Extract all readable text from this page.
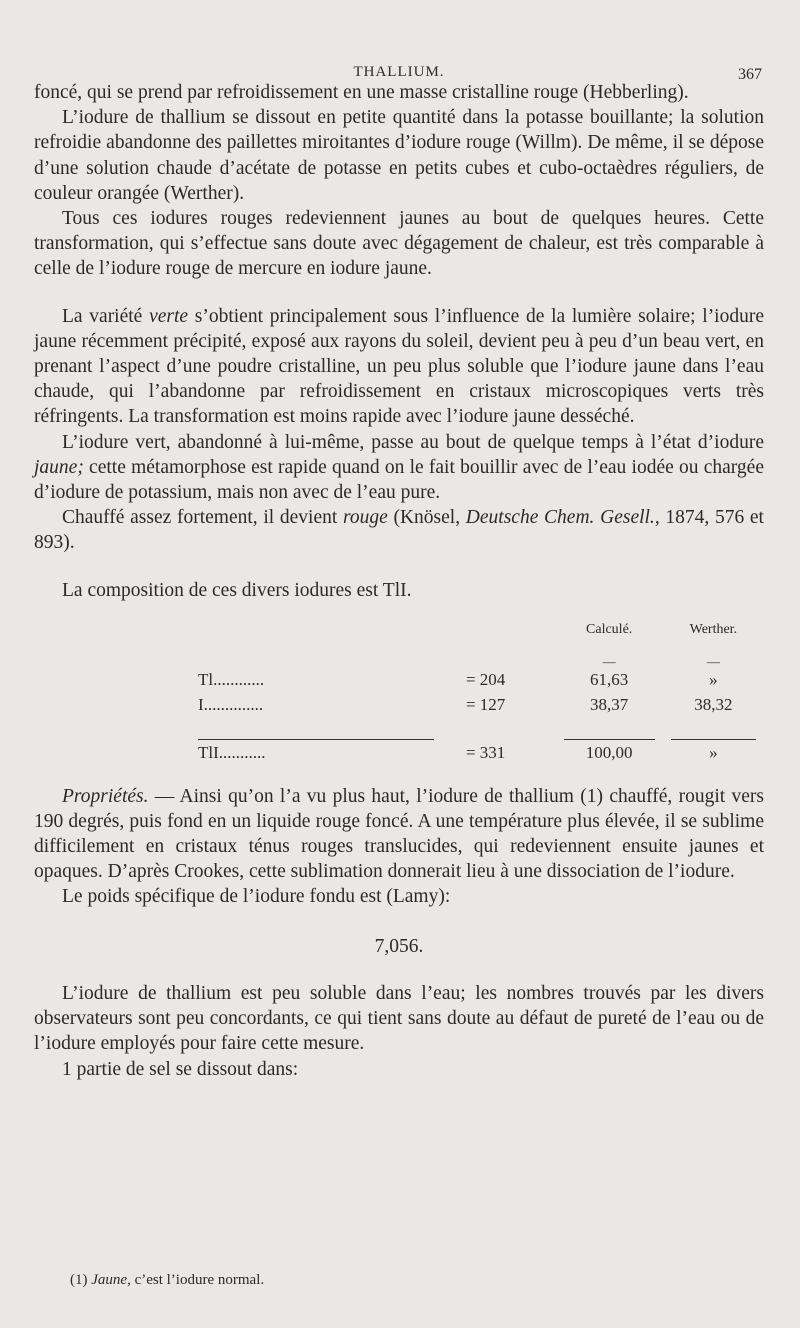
THALLIUM.	367

foncé, qui se prend par refroidissement en une masse cristalline rouge (Hebberling).

L’iodure de thallium se dissout en petite quantité dans la potasse bouillante; la solution refroidie abandonne des paillettes miroitantes d’iodure rouge (Willm). De même, il se dépose d’une solution chaude d’acétate de potasse en petits cubes et cubo-octaèdres réguliers, de couleur orangée (Werther).

Tous ces iodures rouges redeviennent jaunes au bout de quelques heures. Cette transformation, qui s’effectue sans doute avec dégagement de chaleur, est très comparable à celle de l’iodure rouge de mercure en iodure jaune.

La variété verte s’obtient principalement sous l’influence de la lumière solaire; l’iodure jaune récemment précipité, exposé aux rayons du soleil, devient peu à peu d’un beau vert, en prenant l’aspect d’une poudre cristalline, un peu plus soluble que l’iodure jaune dans l’eau chaude, qui l’abandonne par refroidissement en cristaux microscopiques verts très réfringents. La transformation est moins rapide avec l’iodure jaune desséché.

L’iodure vert, abandonné à lui-même, passe au bout de quelque temps à l’état d’iodure jaune; cette métamorphose est rapide quand on le fait bouillir avec de l’eau iodée ou chargée d’iodure de potassium, mais non avec de l’eau pure.

Chauffé assez fortement, il devient rouge (Knösel, Deutsche Chem. Gesell., 1874, 576 et 893).

La composition de ces divers iodures est TlI.

		Calculé.	Werther.
		—	—
Tl............	= 204	61,63	»
I..............	= 127	38,37	38,32

TlI...........	= 331	100,00	»

Propriétés. — Ainsi qu’on l’a vu plus haut, l’iodure de thallium (1) chauffé, rougit vers 190 degrés, puis fond en un liquide rouge foncé. A une température plus élevée, il se sublime difficilement en cristaux ténus rouges translucides, qui redeviennent ensuite jaunes et opaques. D’après Crookes, cette sublimation donnerait lieu à une dissociation de l’iodure.

Le poids spécifique de l’iodure fondu est (Lamy):

7,056.

L’iodure de thallium est peu soluble dans l’eau; les nombres trouvés par les divers observateurs sont peu concordants, ce qui tient sans doute au défaut de pureté de l’eau ou de l’iodure employés pour faire cette mesure.

1 partie de sel se dissout dans:

(1) Jaune, c’est l’iodure normal.
